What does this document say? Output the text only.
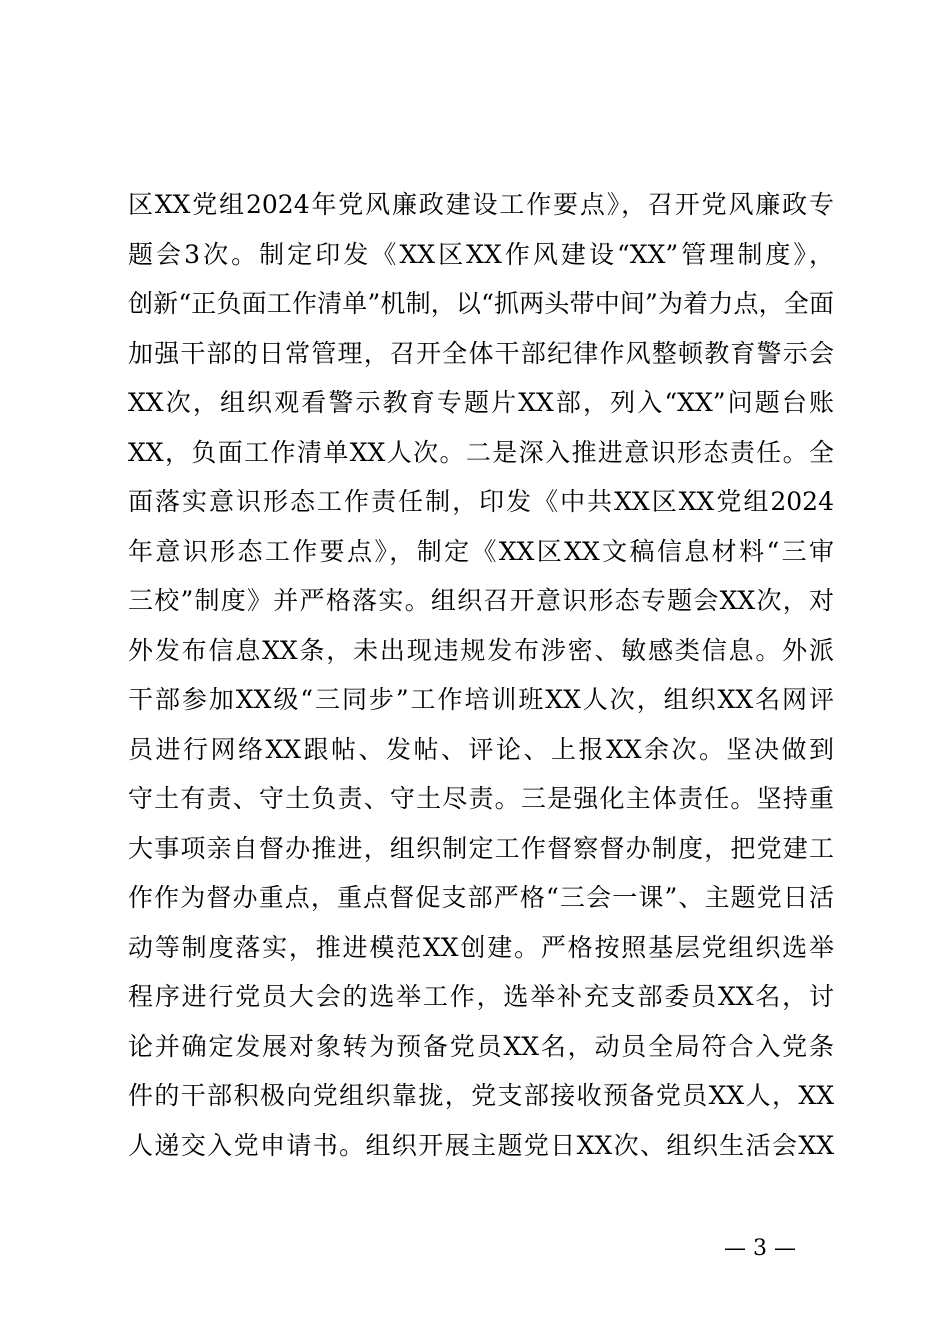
区XX党组2024年党风廉政建设工作要点》，召开党风廉政专
题会3次。制定印发《XX区XX作风建设“XX”管理制度》，
创新“正负面工作清单”机制，以“抓两头带中间”为着力点，全面
加强干部的日常管理，召开全体干部纪律作风整顿教育警示会
XX次，组织观看警示教育专题片XX部，列入“XX”问题台账
XX，负面工作清单XX人次。二是深入推进意识形态责任。全
面落实意识形态工作责任制，印发《中共XX区XX党组2024
年意识形态工作要点》，制定《XX区XX文稿信息材料“三审
三校”制度》并严格落实。组织召开意识形态专题会XX次，对
外发布信息XX条，未出现违规发布涉密、敏感类信息。外派
干部参加XX级“三同步”工作培训班XX人次，组织XX名网评
员进行网络XX跟帖、发帖、评论、上报XX余次。坚决做到
守土有责、守土负责、守土尽责。三是强化主体责任。坚持重
大事项亲自督办推进，组织制定工作督察督办制度，把党建工
作作为督办重点，重点督促支部严格“三会一课”、主题党日活
动等制度落实，推进模范XX创建。严格按照基层党组织选举
程序进行党员大会的选举工作，选举补充支部委员XX名，讨
论并确定发展对象转为预备党员XX名，动员全局符合入党条
件的干部积极向党组织靠拢，党支部接收预备党员XX人，XX
人递交入党申请书。组织开展主题党日XX次、组织生活会XX
— 3 —
